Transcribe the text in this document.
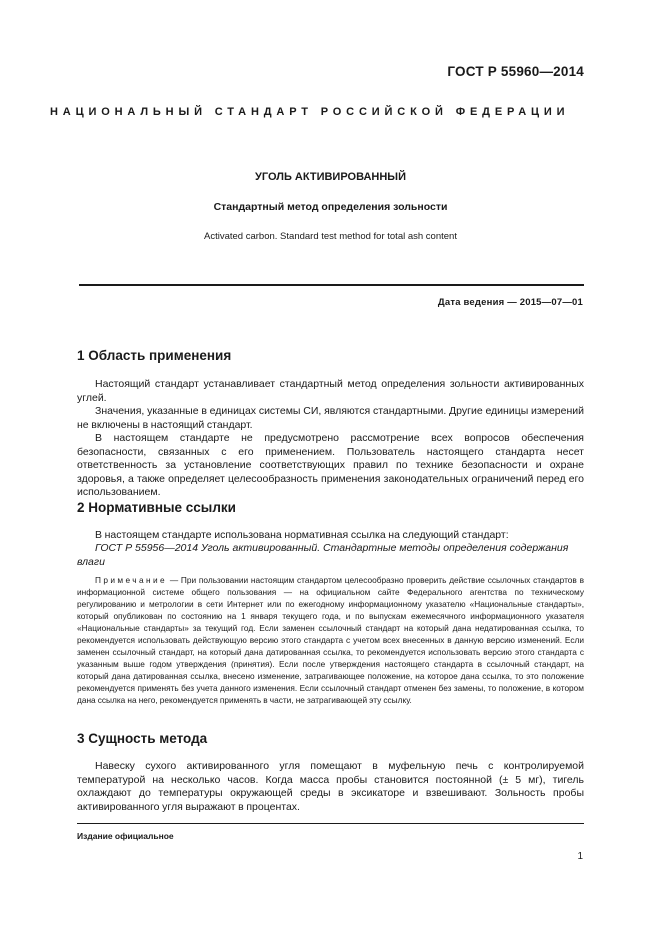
ГОСТ Р 55960—2014
НАЦИОНАЛЬНЫЙ СТАНДАРТ РОССИЙСКОЙ ФЕДЕРАЦИИ
УГОЛЬ АКТИВИРОВАННЫЙ
Стандартный метод определения зольности
Activated carbon. Standard test method for total ash content
Дата ведения — 2015—07—01
1 Область применения

Настоящий стандарт устанавливает стандартный метод определения зольности активированных углей.

Значения, указанные в единицах системы СИ, являются стандартными. Другие единицы измерений не включены в настоящий стандарт.

В настоящем стандарте не предусмотрено рассмотрение всех вопросов обеспечения безопасности, связанных с его применением. Пользователь настоящего стандарта несет ответственность за установление соответствующих правил по технике безопасности и охране здоровья, а также определяет целесообразность применения законодательных ограничений перед его использованием.

2 Нормативные ссылки

В настоящем стандарте использована нормативная ссылка на следующий стандарт:

ГОСТ Р 55956—2014 Уголь активированный. Стандартные методы определения содержания влаги
Примечание — При пользовании настоящим стандартом целесообразно проверить действие ссылочных стандартов в информационной системе общего пользования — на официальном сайте Федерального агентства по техническому регулированию и метрологии в сети Интернет или по ежегодному информационному указателю «Национальные стандарты», который опубликован по состоянию на 1 января текущего года, и по выпускам ежемесячного информационного указателя «Национальные стандарты» за текущий год. Если заменен ссылочный стандарт на который дана недатированная ссылка, то рекомендуется использовать действующую версию этого стандарта с учетом всех внесенных в данную версию изменений. Если заменен ссылочный стандарт, на который дана датированная ссылка, то рекомендуется использовать версию этого стандарта с указанным выше годом утверждения (принятия). Если после утверждения настоящего стандарта в ссылочный стандарт, на который дана датированная ссылка, внесено изменение, затрагивающее положение, на которое дана ссылка, то это положение рекомендуется применять без учета данного изменения. Если ссылочный стандарт отменен без замены, то положение, в котором дана ссылка на него, рекомендуется применять в части, не затрагивающей эту ссылку.
3 Сущность метода

Навеску сухого активированного угля помещают в муфельную печь с контролируемой температурой на несколько часов. Когда масса пробы становится постоянной (± 5 мг), тигель охлаждают до температуры окружающей среды в эксикаторе и взвешивают. Зольность пробы активированного угля выражают в процентах.

Издание официальное
1
